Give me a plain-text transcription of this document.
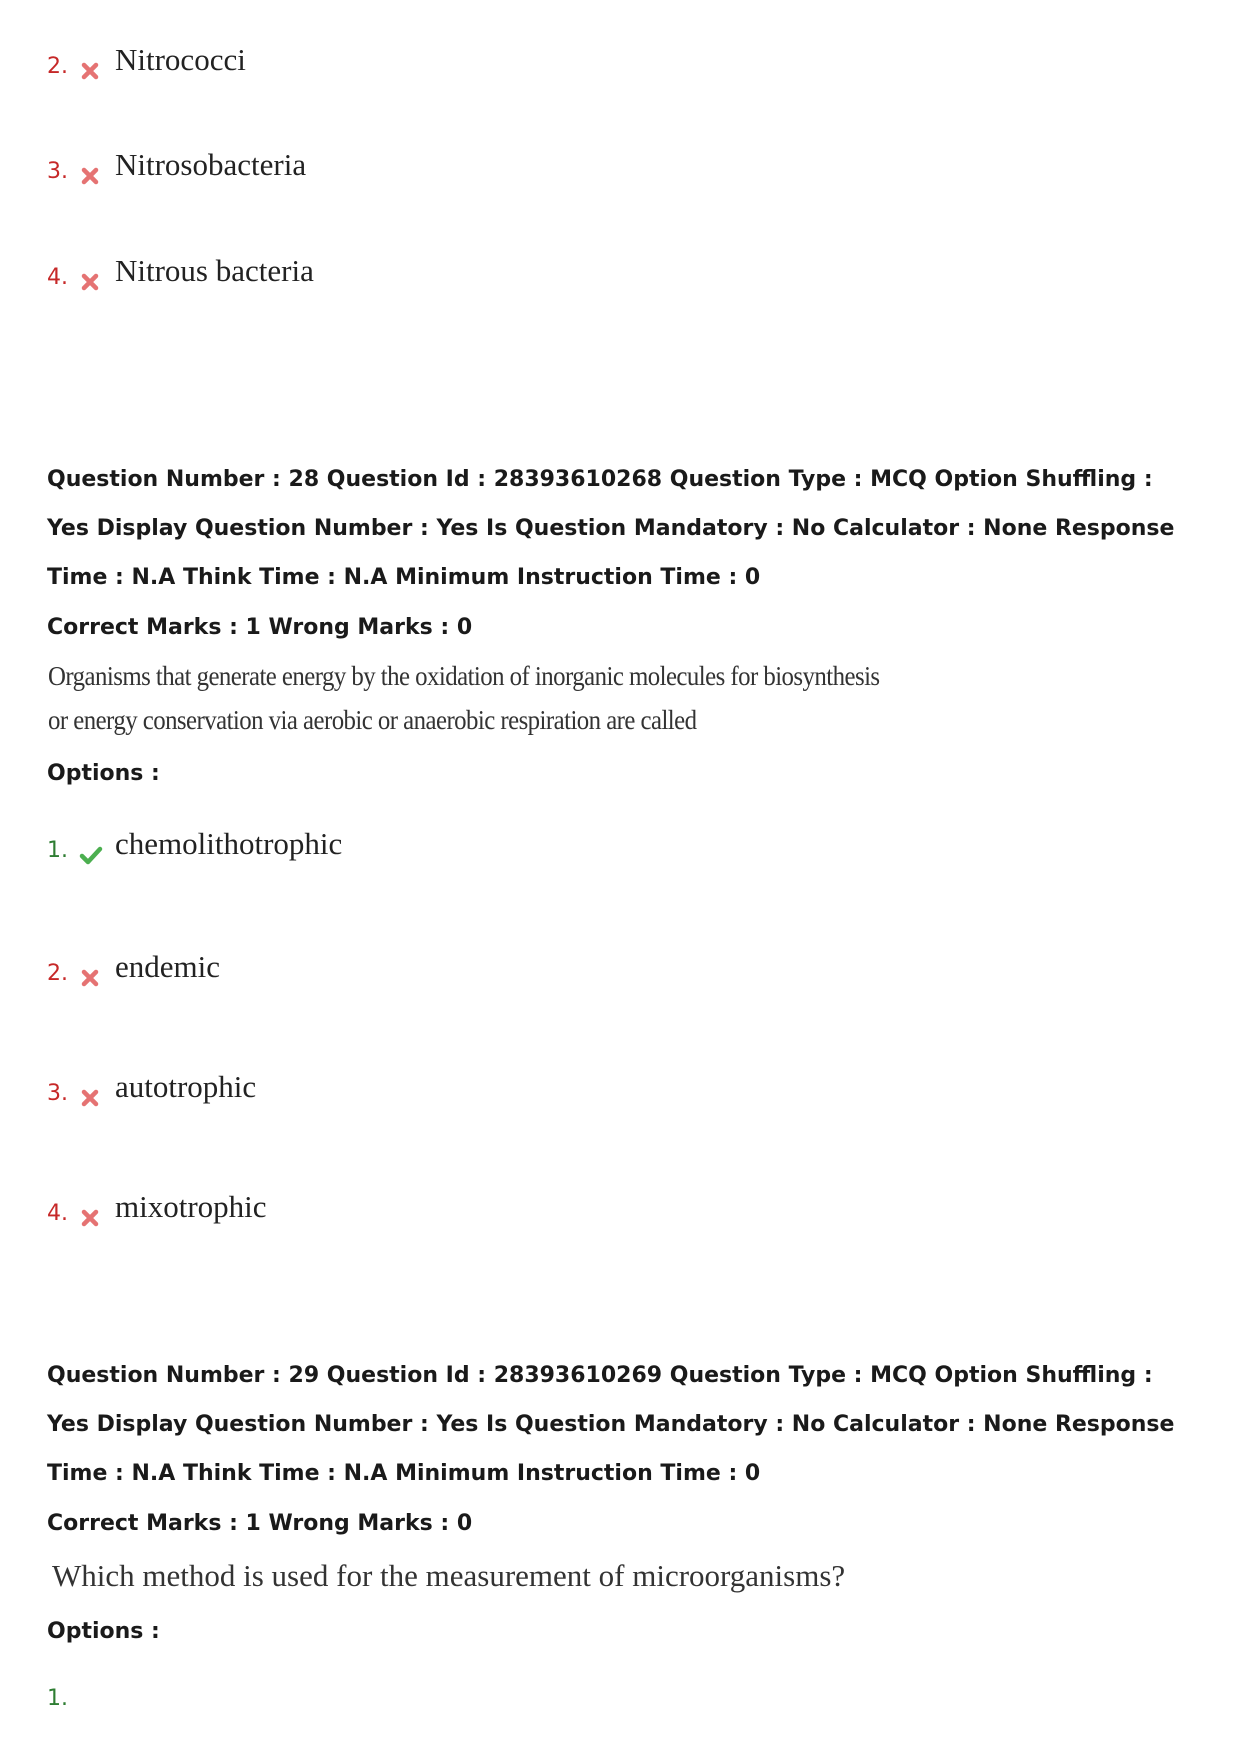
2. Nitrococci
3. Nitrosobacteria
4. Nitrous bacteria
Question Number : 28 Question Id : 28393610268 Question Type : MCQ Option Shuffling : Yes Display Question Number : Yes Is Question Mandatory : No Calculator : None Response Time : N.A Think Time : N.A Minimum Instruction Time : 0
Correct Marks : 1 Wrong Marks : 0
Organisms that generate energy by the oxidation of inorganic molecules for biosynthesis
or energy conservation via aerobic or anaerobic respiration are called
Options :
1. chemolithotrophic
2. endemic
3. autotrophic
4. mixotrophic
Question Number : 29 Question Id : 28393610269 Question Type : MCQ Option Shuffling : Yes Display Question Number : Yes Is Question Mandatory : No Calculator : None Response Time : N.A Think Time : N.A Minimum Instruction Time : 0
Correct Marks : 1 Wrong Marks : 0
Which method is used for the measurement of microorganisms?
Options :
1.
